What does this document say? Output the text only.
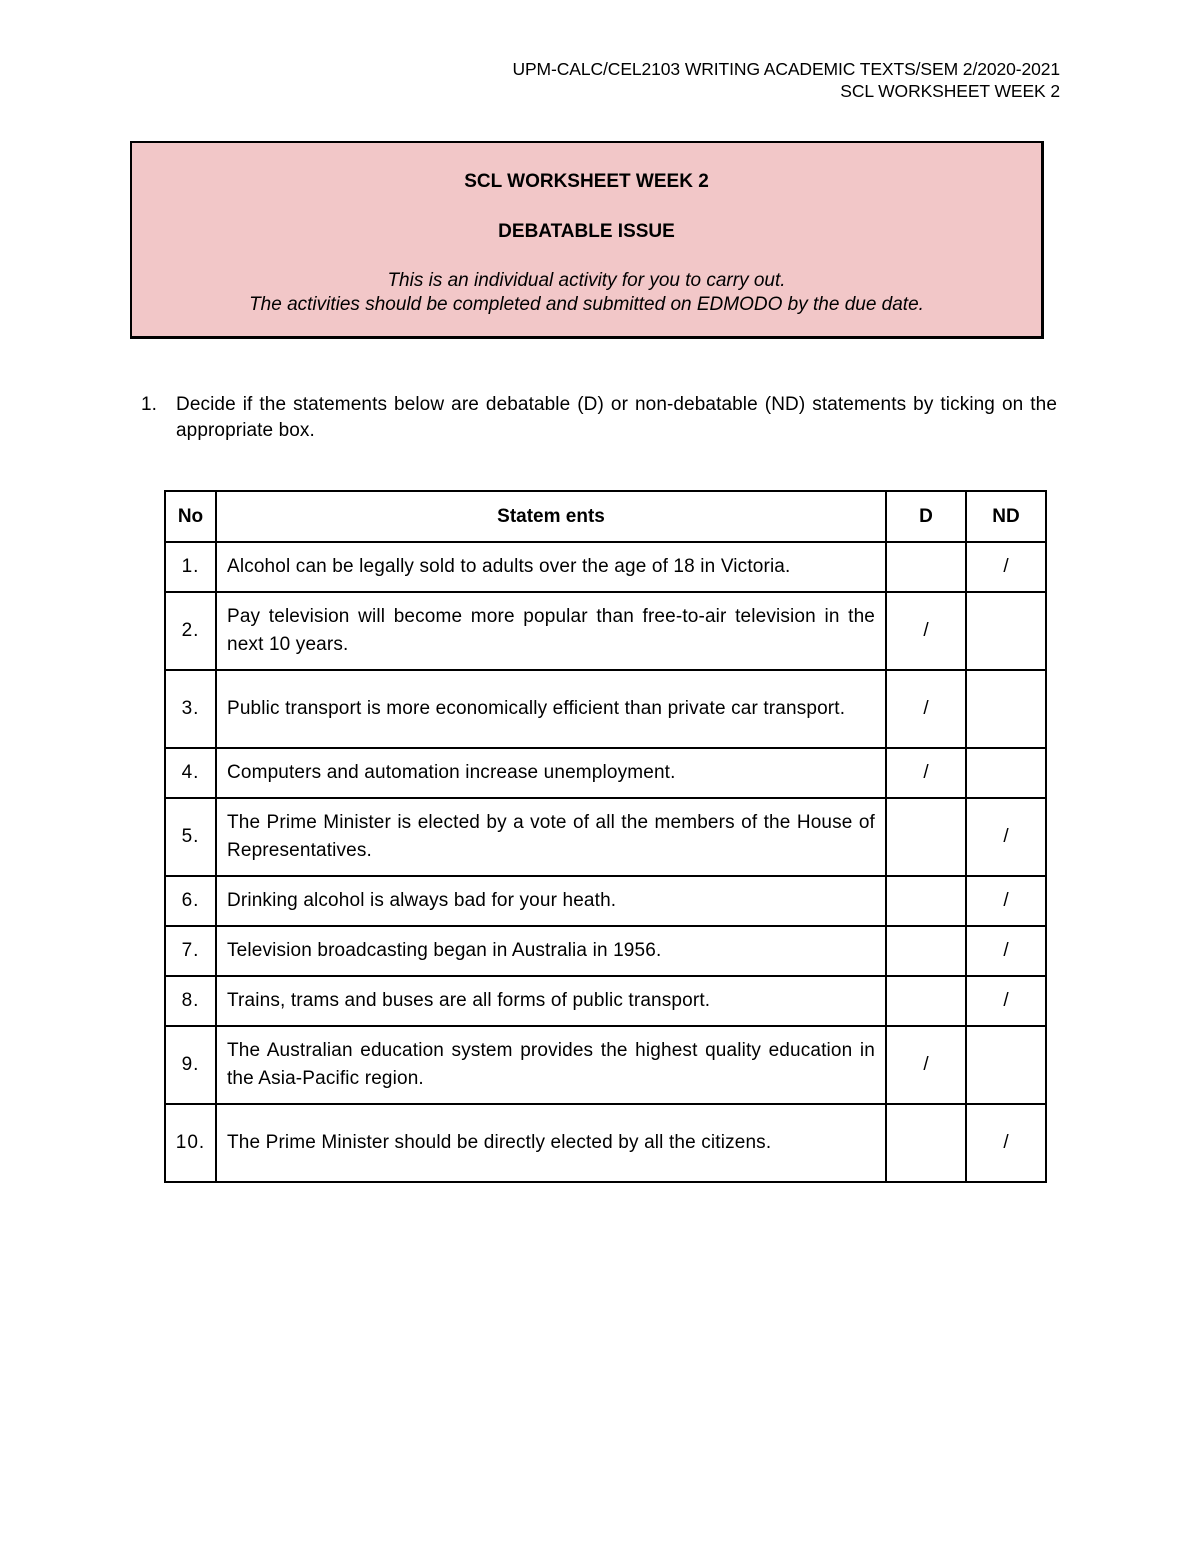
UPM-CALC/CEL2103 WRITING ACADEMIC TEXTS/SEM 2/2020-2021
SCL WORKSHEET WEEK 2
SCL WORKSHEET WEEK 2
DEBATABLE ISSUE
This is an individual activity for you to carry out.
The activities should be completed and submitted on EDMODO by the due date.
1. Decide if the statements below are debatable (D) or non-debatable (ND) statements by ticking on the appropriate box.
No	Statem ents	D	ND
1.	Alcohol can be legally sold to adults over the age of 18 in Victoria.		/
2.	Pay television will become more popular than free-to-air television in the next 10 years.	/	
3.	Public transport is more economically efficient than private car transport.	/	
4.	Computers and automation increase unemployment.	/	
5.	The Prime Minister is elected by a vote of all the members of the House of Representatives.		/
6.	Drinking alcohol is always bad for your heath.		/
7.	Television broadcasting began in Australia in 1956.		/
8.	Trains, trams and buses are all forms of public transport.		/
9.	The Australian education system provides the highest quality education in the Asia-Pacific region.	/	
10.	The Prime Minister should be directly elected by all the citizens.		/
